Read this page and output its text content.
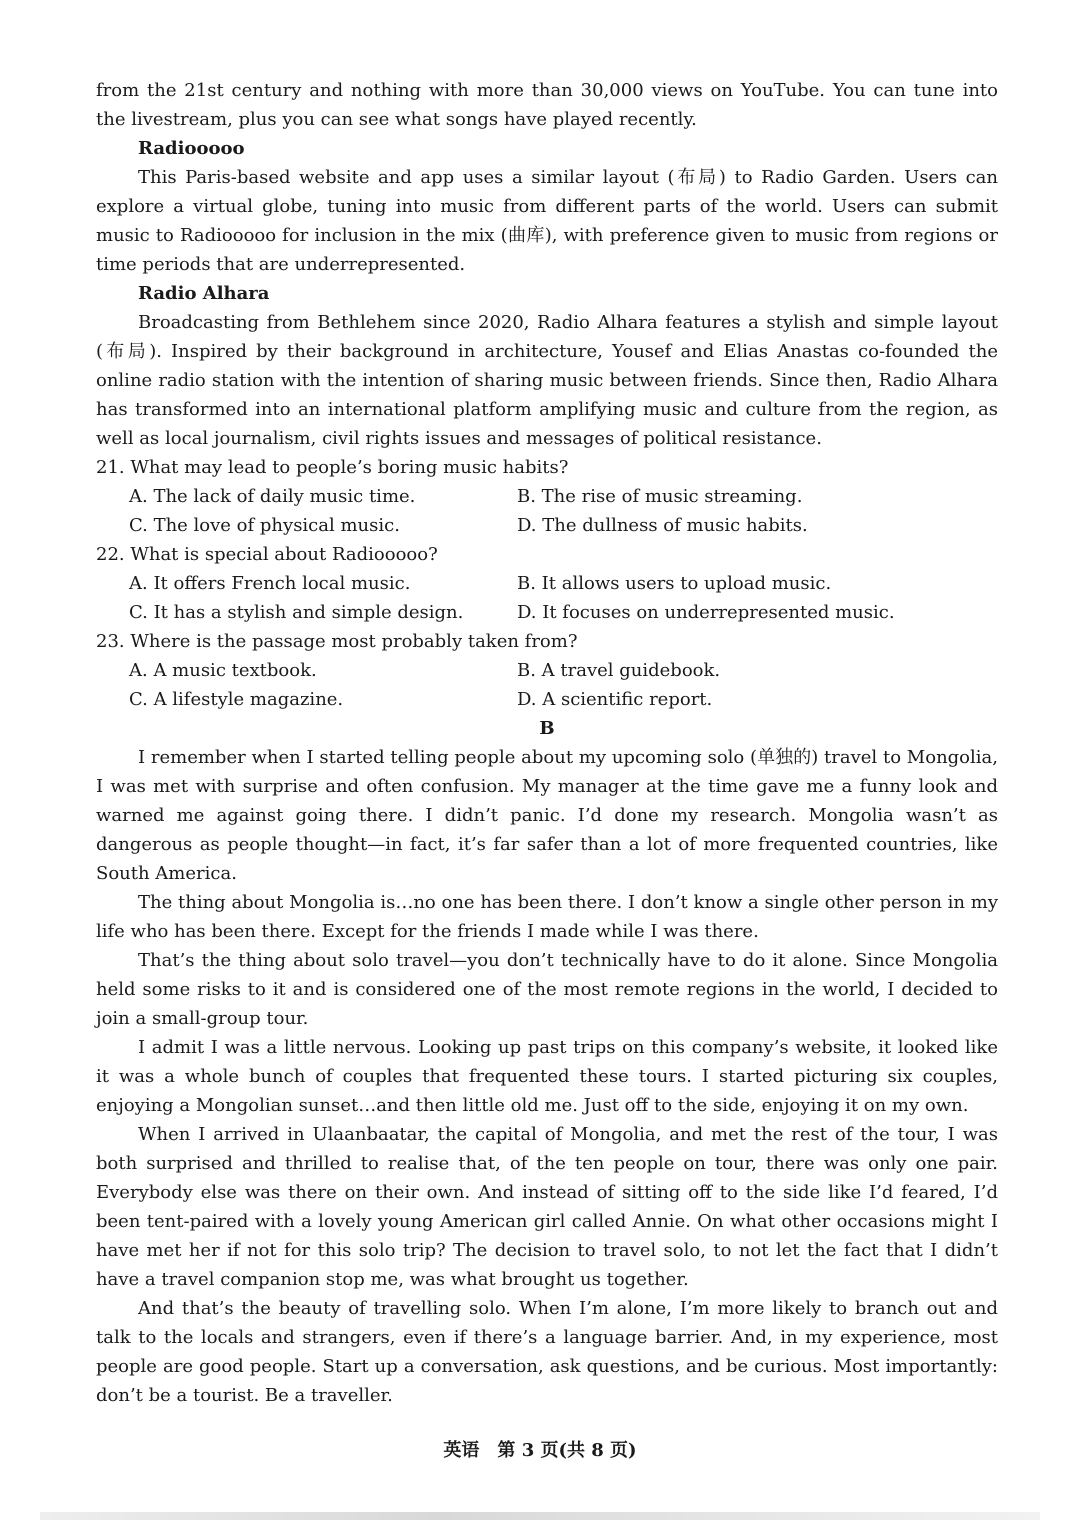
from the 21st century and nothing with more than 30,000 views on YouTube. You can tune into the livestream, plus you can see what songs have played recently.

Radiooooo

This Paris-based website and app uses a similar layout (布局) to Radio Garden. Users can explore a virtual globe, tuning into music from different parts of the world. Users can submit music to Radiooooo for inclusion in the mix (曲库), with preference given to music from regions or time periods that are underrepresented.

Radio Alhara

Broadcasting from Bethlehem since 2020, Radio Alhara features a stylish and simple layout (布局). Inspired by their background in architecture, Yousef and Elias Anastas co-founded the online radio station with the intention of sharing music between friends. Since then, Radio Alhara has transformed into an international platform amplifying music and culture from the region, as well as local journalism, civil rights issues and messages of political resistance.

21. What may lead to people’s boring music habits?
A. The lack of daily music time.	B. The rise of music streaming.
C. The love of physical music.	D. The dullness of music habits.
22. What is special about Radiooooo?
A. It offers French local music.	B. It allows users to upload music.
C. It has a stylish and simple design.	D. It focuses on underrepresented music.
23. Where is the passage most probably taken from?
A. A music textbook.	B. A travel guidebook.
C. A lifestyle magazine.	D. A scientific report.
B

I remember when I started telling people about my upcoming solo (单独的) travel to Mongolia, I was met with surprise and often confusion. My manager at the time gave me a funny look and warned me against going there. I didn’t panic. I’d done my research. Mongolia wasn’t as dangerous as people thought—in fact, it’s far safer than a lot of more frequented countries, like South America.

The thing about Mongolia is…no one has been there. I don’t know a single other person in my life who has been there. Except for the friends I made while I was there.

That’s the thing about solo travel—you don’t technically have to do it alone. Since Mongolia held some risks to it and is considered one of the most remote regions in the world, I decided to join a small-group tour.

I admit I was a little nervous. Looking up past trips on this company’s website, it looked like it was a whole bunch of couples that frequented these tours. I started picturing six couples, enjoying a Mongolian sunset…and then little old me. Just off to the side, enjoying it on my own.

When I arrived in Ulaanbaatar, the capital of Mongolia, and met the rest of the tour, I was both surprised and thrilled to realise that, of the ten people on tour, there was only one pair. Everybody else was there on their own. And instead of sitting off to the side like I’d feared, I’d been tent-paired with a lovely young American girl called Annie. On what other occasions might I have met her if not for this solo trip? The decision to travel solo, to not let the fact that I didn’t have a travel companion stop me, was what brought us together.

And that’s the beauty of travelling solo. When I’m alone, I’m more likely to branch out and talk to the locals and strangers, even if there’s a language barrier. And, in my experience, most people are good people. Start up a conversation, ask questions, and be curious. Most importantly: don’t be a tourist. Be a traveller.

英语　第 3 页(共 8 页)
